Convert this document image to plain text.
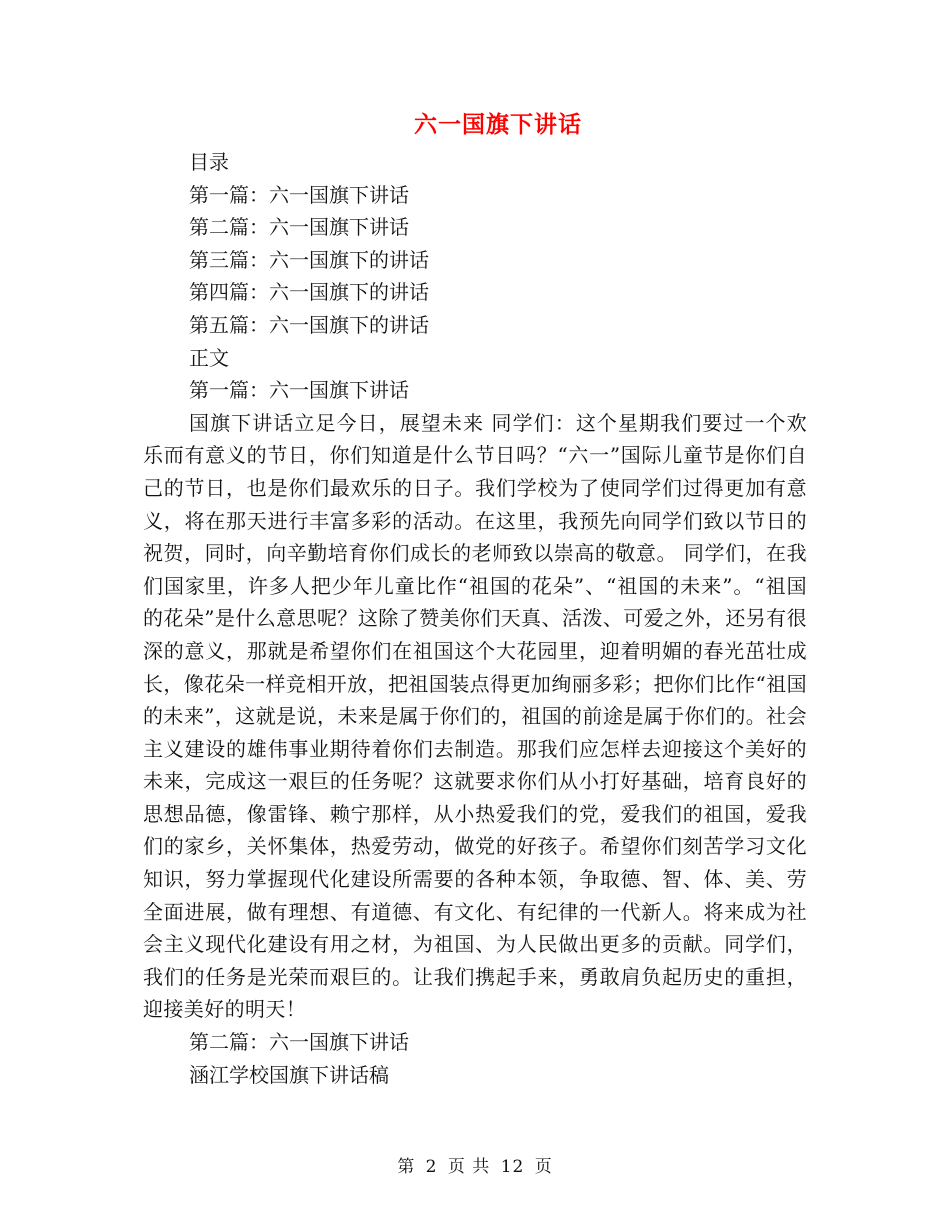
六一国旗下讲话
目录
第一篇：六一国旗下讲话
第二篇：六一国旗下讲话
第三篇：六一国旗下的讲话
第四篇：六一国旗下的讲话
第五篇：六一国旗下的讲话
正文
第一篇：六一国旗下讲话
国旗下讲话立足今日，展望未来 同学们：这个星期我们要过一个欢乐而有意义的节日，你们知道是什么节日吗？“六一”国际儿童节是你们自己的节日，也是你们最欢乐的日子。我们学校为了使同学们过得更加有意义，将在那天进行丰富多彩的活动。在这里，我预先向同学们致以节日的祝贺，同时，向辛勤培育你们成长的老师致以崇高的敬意。 同学们，在我们国家里，许多人把少年儿童比作“祖国的花朵”、“祖国的未来”。“祖国的花朵”是什么意思呢？这除了赞美你们天真、活泼、可爱之外，还另有很深的意义，那就是希望你们在祖国这个大花园里，迎着明媚的春光茁壮成长，像花朵一样竞相开放，把祖国装点得更加绚丽多彩；把你们比作“祖国的未来”，这就是说，未来是属于你们的，祖国的前途是属于你们的。社会主义建设的雄伟事业期待着你们去制造。那我们应怎样去迎接这个美好的未来，完成这一艰巨的任务呢？这就要求你们从小打好基础，培育良好的思想品德，像雷锋、赖宁那样，从小热爱我们的党，爱我们的祖国，爱我们的家乡，关怀集体，热爱劳动，做党的好孩子。希望你们刻苦学习文化知识，努力掌握现代化建设所需要的各种本领，争取德、智、体、美、劳全面进展，做有理想、有道德、有文化、有纪律的一代新人。将来成为社会主义现代化建设有用之材，为祖国、为人民做出更多的贡献。同学们，我们的任务是光荣而艰巨的。让我们携起手来，勇敢肩负起历史的重担，迎接美好的明天！
第二篇：六一国旗下讲话
涵江学校国旗下讲话稿
第 2 页 共 12 页
